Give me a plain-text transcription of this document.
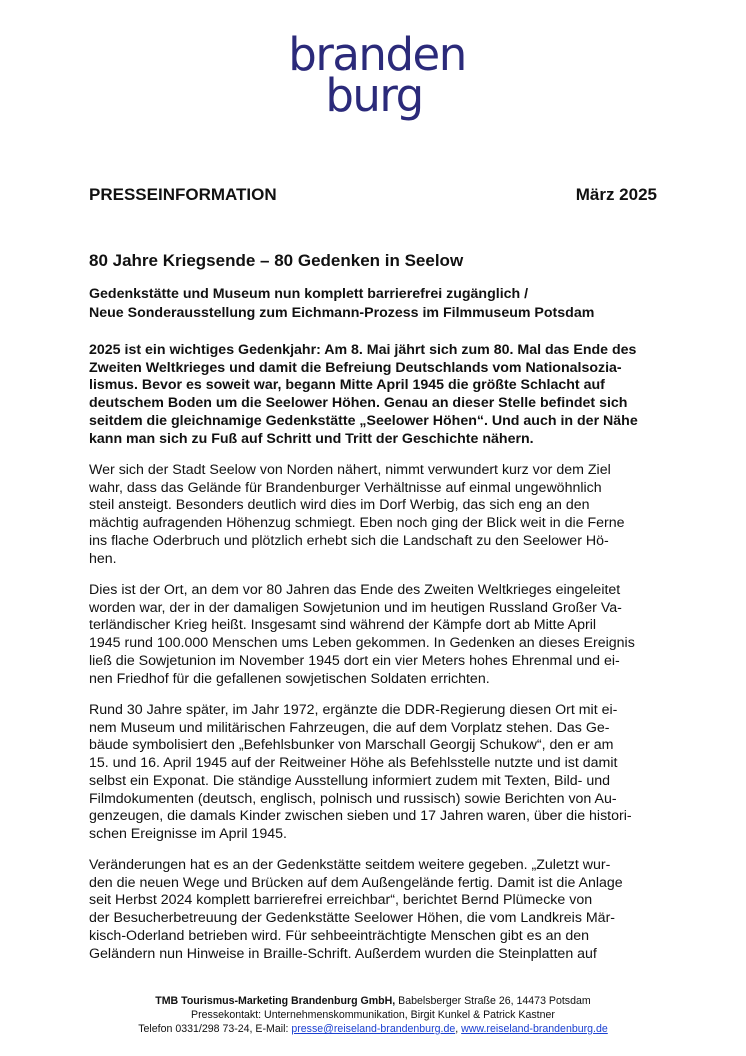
branden
burg
PRESSEINFORMATION	März 2025
80 Jahre Kriegsende – 80 Gedenken in Seelow
Gedenkstätte und Museum nun komplett barrierefrei zugänglich /
Neue Sonderausstellung zum Eichmann-Prozess im Filmmuseum Potsdam
2025 ist ein wichtiges Gedenkjahr: Am 8. Mai jährt sich zum 80. Mal das Ende des
Zweiten Weltkrieges und damit die Befreiung Deutschlands vom Nationalsozia-
lismus. Bevor es soweit war, begann Mitte April 1945 die größte Schlacht auf
deutschem Boden um die Seelower Höhen. Genau an dieser Stelle befindet sich
seitdem die gleichnamige Gedenkstätte „Seelower Höhen“. Und auch in der Nähe
kann man sich zu Fuß auf Schritt und Tritt der Geschichte nähern.
Wer sich der Stadt Seelow von Norden nähert, nimmt verwundert kurz vor dem Ziel
wahr, dass das Gelände für Brandenburger Verhältnisse auf einmal ungewöhnlich
steil ansteigt. Besonders deutlich wird dies im Dorf Werbig, das sich eng an den
mächtig aufragenden Höhenzug schmiegt. Eben noch ging der Blick weit in die Ferne
ins flache Oderbruch und plötzlich erhebt sich die Landschaft zu den Seelower Hö-
hen.
Dies ist der Ort, an dem vor 80 Jahren das Ende des Zweiten Weltkrieges eingeleitet
worden war, der in der damaligen Sowjetunion und im heutigen Russland Großer Va-
terländischer Krieg heißt. Insgesamt sind während der Kämpfe dort ab Mitte April
1945 rund 100.000 Menschen ums Leben gekommen. In Gedenken an dieses Ereignis
ließ die Sowjetunion im November 1945 dort ein vier Meters hohes Ehrenmal und ei-
nen Friedhof für die gefallenen sowjetischen Soldaten errichten.
Rund 30 Jahre später, im Jahr 1972, ergänzte die DDR-Regierung diesen Ort mit ei-
nem Museum und militärischen Fahrzeugen, die auf dem Vorplatz stehen. Das Ge-
bäude symbolisiert den „Befehlsbunker von Marschall Georgij Schukow“, den er am
15. und 16. April 1945 auf der Reitweiner Höhe als Befehlsstelle nutzte und ist damit
selbst ein Exponat. Die ständige Ausstellung informiert zudem mit Texten, Bild- und
Filmdokumenten (deutsch, englisch, polnisch und russisch) sowie Berichten von Au-
genzeugen, die damals Kinder zwischen sieben und 17 Jahren waren, über die histori-
schen Ereignisse im April 1945.
Veränderungen hat es an der Gedenkstätte seitdem weitere gegeben. „Zuletzt wur-
den die neuen Wege und Brücken auf dem Außengelände fertig. Damit ist die Anlage
seit Herbst 2024 komplett barrierefrei erreichbar“, berichtet Bernd Plümecke von
der Besucherbetreuung der Gedenkstätte Seelower Höhen, die vom Landkreis Mär-
kisch-Oderland betrieben wird. Für sehbeeinträchtigte Menschen gibt es an den
Geländern nun Hinweise in Braille-Schrift. Außerdem wurden die Steinplatten auf
TMB Tourismus-Marketing Brandenburg GmbH, Babelsberger Straße 26, 14473 Potsdam
Pressekontakt: Unternehmenskommunikation, Birgit Kunkel & Patrick Kastner
Telefon 0331/298 73-24, E-Mail: presse@reiseland-brandenburg.de, www.reiseland-brandenburg.de
